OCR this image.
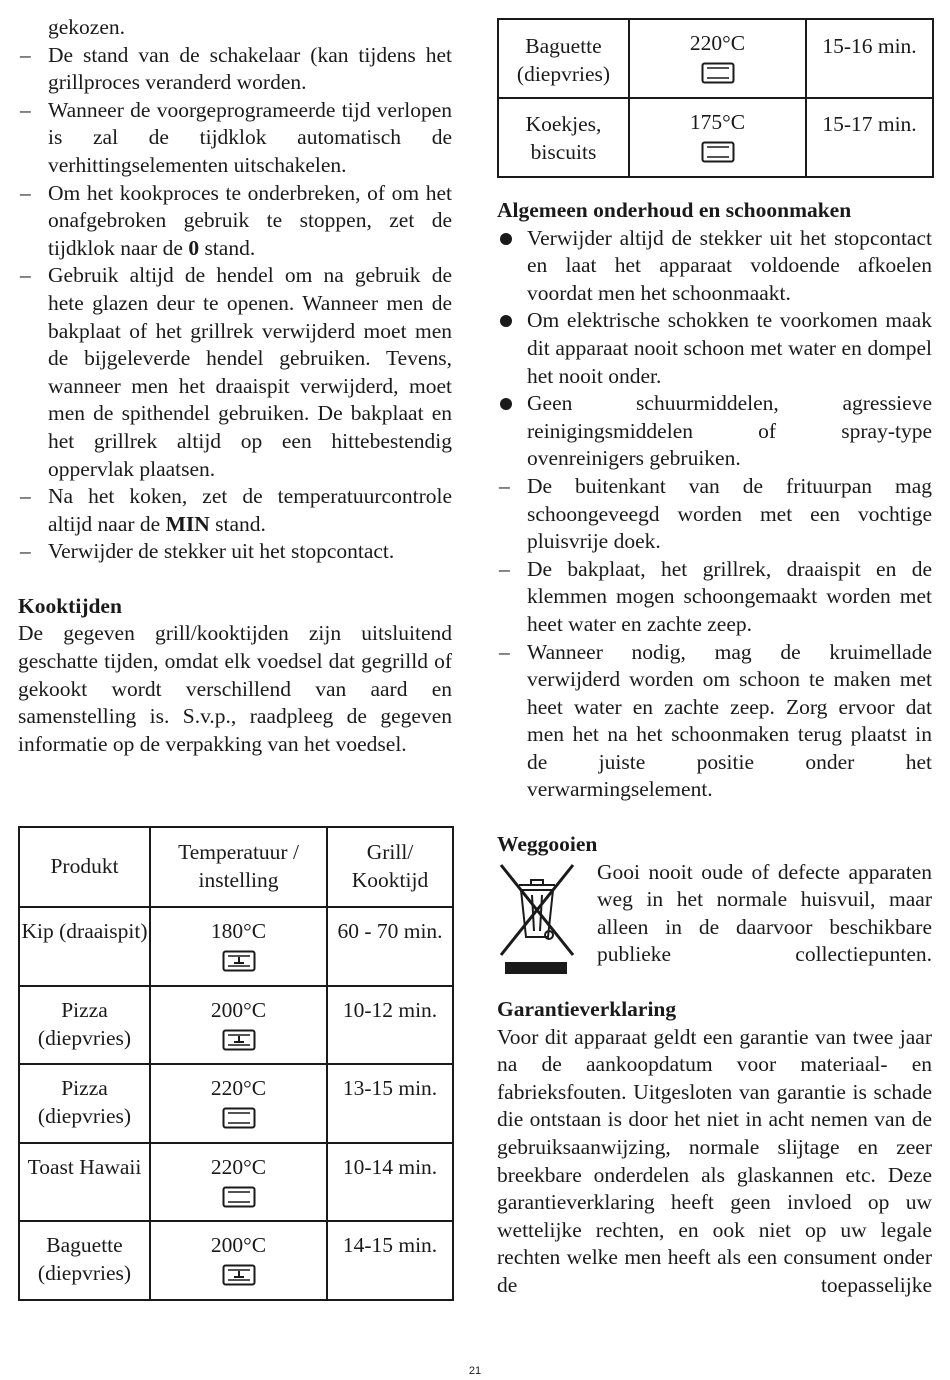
gekozen.
– De stand van de schakelaar (kan tijdens het grillproces veranderd worden.
– Wanneer de voorgeprogrameerde tijd verlopen is zal de tijdklok automatisch de verhittingselementen uitschakelen.
– Om het kookproces te onderbreken, of om het onafgebroken gebruik te stoppen, zet de tijdklok naar de 0 stand.
– Gebruik altijd de hendel om na gebruik de hete glazen deur te openen. Wanneer men de bakplaat of het grillrek verwijderd moet men de bijgeleverde hendel gebruiken. Tevens, wanneer men het draaispit verwijderd, moet men de spithendel gebruiken. De bakplaat en het grillrek altijd op een hittebestendig oppervlak plaatsen.
– Na het koken, zet de temperatuurcontrole altijd naar de MIN stand.
– Verwijder de stekker uit het stopcontact.
Kooktijden
De gegeven grill/kooktijden zijn uitsluitend geschatte tijden, omdat elk voedsel dat gegrilld of gekookt wordt verschillend van aard en samenstelling is. S.v.p., raadpleeg de gegeven informatie op de verpakking van het voedsel.
Produkt	Temperatuur / instelling	Grill/ Kooktijd
Kip (draaispit)	180°C	60 - 70 min.
Pizza (diepvries)	200°C	10-12 min.
Pizza (diepvries)	220°C	13-15 min.
Toast Hawaii	220°C	10-14 min.
Baguette (diepvries)	200°C	14-15 min.
Baguette (diepvries)	220°C	15-16 min.
Koekjes, biscuits	175°C	15-17 min.
Algemeen onderhoud en schoonmaken
Verwijder altijd de stekker uit het stopcontact en laat het apparaat voldoende afkoelen voordat men het schoonmaakt.
Om elektrische schokken te voorkomen maak dit apparaat nooit schoon met water en dompel het nooit onder.
Geen schuurmiddelen, agressieve reinigingsmiddelen of spray-type ovenreinigers gebruiken.
– De buitenkant van de frituurpan mag schoongeveegd worden met een vochtige pluisvrije doek.
– De bakplaat, het grillrek, draaispit en de klemmen mogen schoongemaakt worden met heet water en zachte zeep.
– Wanneer nodig, mag de kruimellade verwijderd worden om schoon te maken met heet water en zachte zeep. Zorg ervoor dat men het na het schoonmaken terug plaatst in de juiste positie onder het verwarmingselement.
Weggooien
Gooi nooit oude of defecte apparaten weg in het normale huisvuil, maar alleen in de daarvoor beschikbare publieke collectiepunten.
Garantieverklaring
Voor dit apparaat geldt een garantie van twee jaar na de aankoopdatum voor materiaal- en fabrieksfouten. Uitgesloten van garantie is schade die ontstaan is door het niet in acht nemen van de gebruiksaanwijzing, normale slijtage en zeer breekbare onderdelen als glaskannen etc. Deze garantieverklaring heeft geen invloed op uw wettelijke rechten, en ook niet op uw legale rechten welke men heeft als een consument onder de toepasselijke
21
